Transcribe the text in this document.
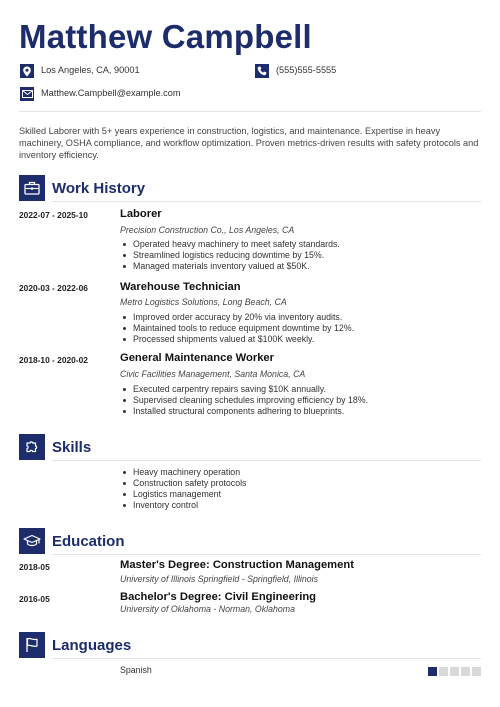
Matthew Campbell
Los Angeles, CA, 90001	(555)555-5555
Matthew.Campbell@example.com

Skilled Laborer with 5+ years experience in construction, logistics, and maintenance. Expertise in heavy machinery, OSHA compliance, and workflow optimization. Proven metrics-driven results with safety protocols and inventory efficiency.

Work History
2022-07 - 2025-10	Laborer
Precision Construction Co., Los Angeles, CA
Operated heavy machinery to meet safety standards.
Streamlined logistics reducing downtime by 15%.
Managed materials inventory valued at $50K.
2020-03 - 2022-06	Warehouse Technician
Metro Logistics Solutions, Long Beach, CA
Improved order accuracy by 20% via inventory audits.
Maintained tools to reduce equipment downtime by 12%.
Processed shipments valued at $100K weekly.
2018-10 - 2020-02	General Maintenance Worker
Civic Facilities Management, Santa Monica, CA
Executed carpentry repairs saving $10K annually.
Supervised cleaning schedules improving efficiency by 18%.
Installed structural components adhering to blueprints.
Skills
Heavy machinery operation
Construction safety protocols
Logistics management
Inventory control
Education
2018-05	Master's Degree: Construction Management
University of Illinois Springfield - Springfield, Illinois
2016-05	Bachelor's Degree: Civil Engineering
University of Oklahoma - Norman, Oklahoma
Languages
Spanish
